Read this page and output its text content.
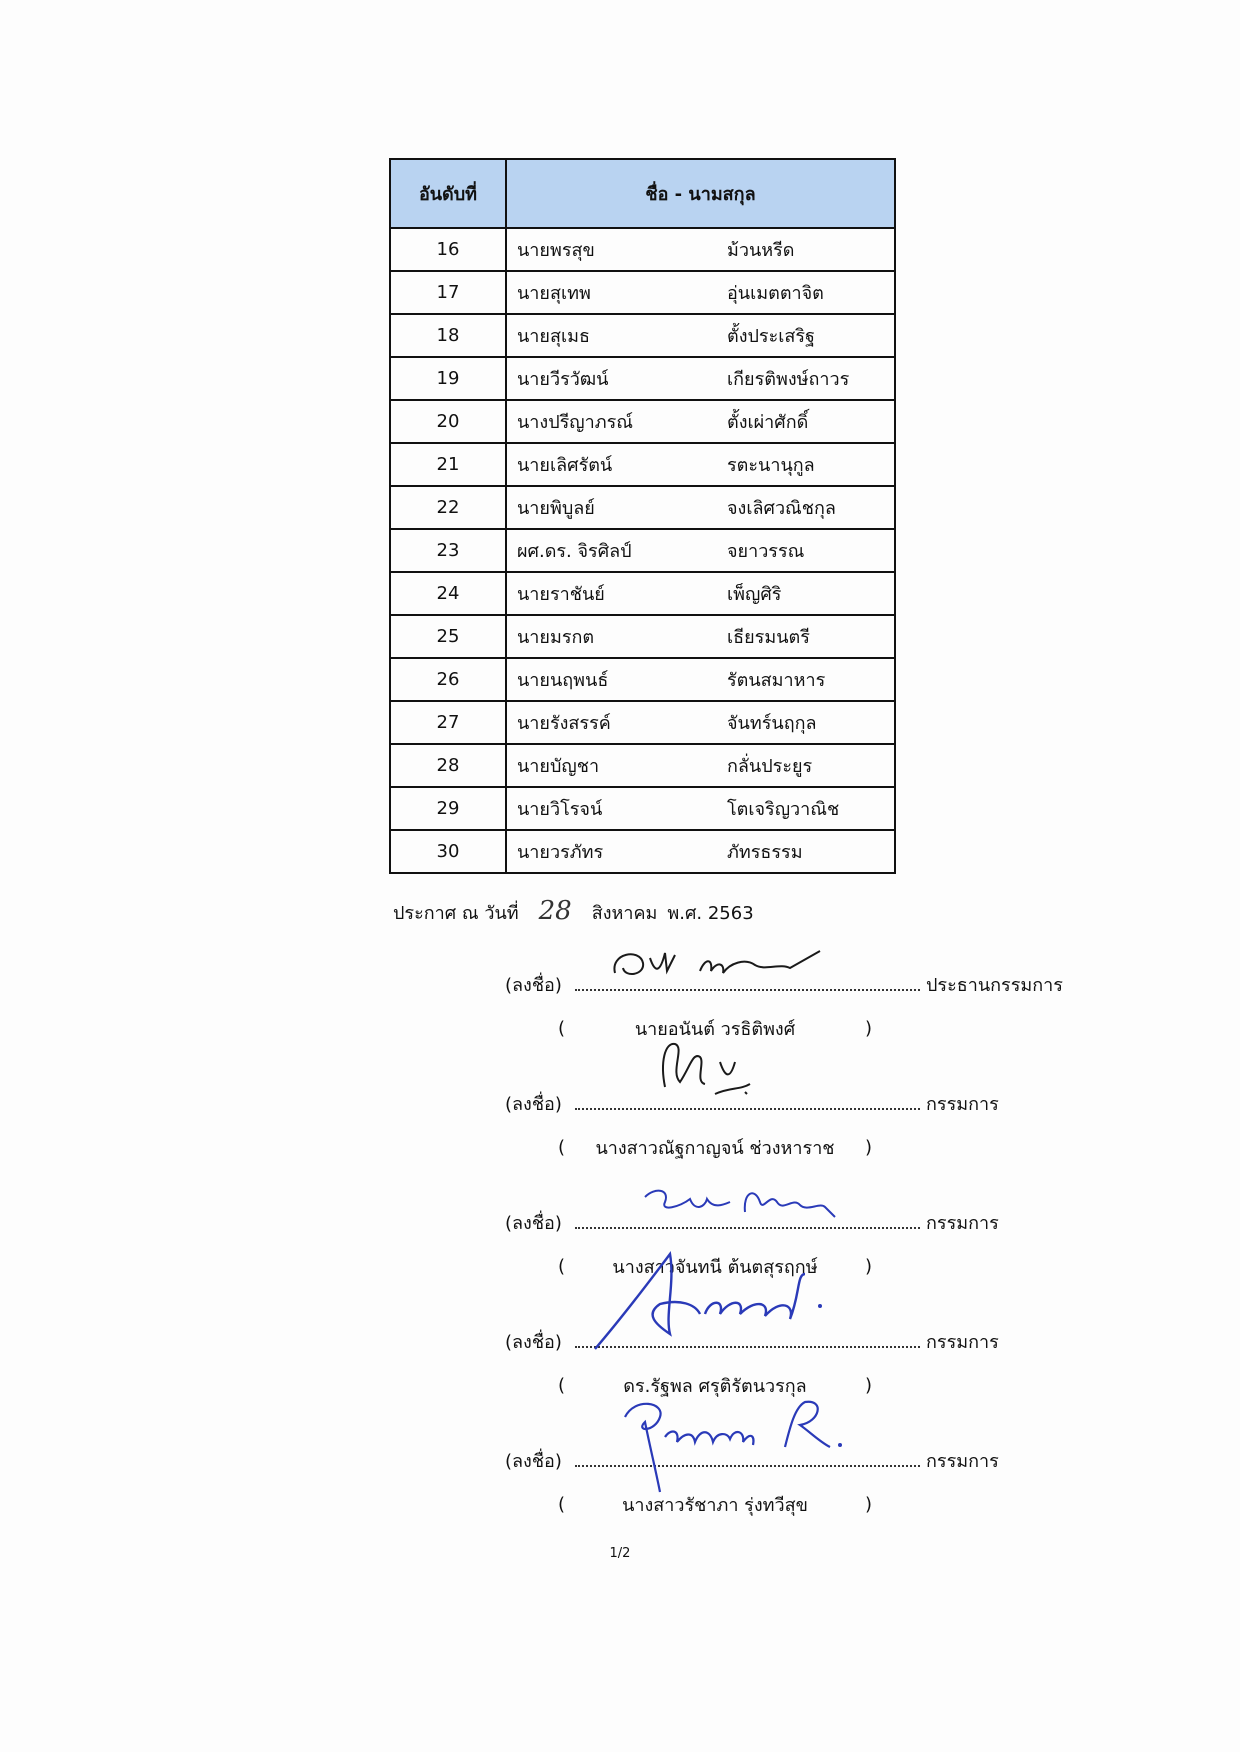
อันดับที่	ชื่อ - นามสกุล
16	นายพรสุข ม้วนหรีด

17	นายสุเทพ อุ่นเมตตาจิต

18	นายสุเมธ ตั้งประเสริฐ

19	นายวีรวัฒน์ เกียรติพงษ์ถาวร

20	นางปรีญาภรณ์ ตั้งเผ่าศักดิ์

21	นายเลิศรัตน์ รตะนานุกูล

22	นายพิบูลย์ จงเลิศวณิชกุล

23	ผศ.ดร. จิรศิลป์ จยาวรรณ

24	นายราชันย์ เพ็ญศิริ

25	นายมรกต เธียรมนตรี

26	นายนฤพนธ์ รัตนสมาหาร

27	นายรังสรรค์ จันทร์นฤกุล

28	นายบัญชา กลั่นประยูร

29	นายวิโรจน์ โตเจริญวาณิช

30	นายวรภัทร ภัทรธรรม
ประกาศ ณ วันที่ 28	สิงหาคม พ.ศ. 2563
(ลงชื่อ)	ประธานกรรมการ
(	นายอนันต์ วรธิติพงศ์	)
(ลงชื่อ)	กรรมการ
(	นางสาวณัฐกาญจน์ ช่วงหาราช	)
(ลงชื่อ)	กรรมการ
(	นางสาวจันทนี ต้นตสุรฤกษ์	)
(ลงชื่อ)	กรรมการ
(	ดร.รัฐพล ศรุติรัตนวรกุล	)
(ลงชื่อ)	กรรมการ
(	นางสาวรัชาภา รุ่งทวีสุข	)
1/2
